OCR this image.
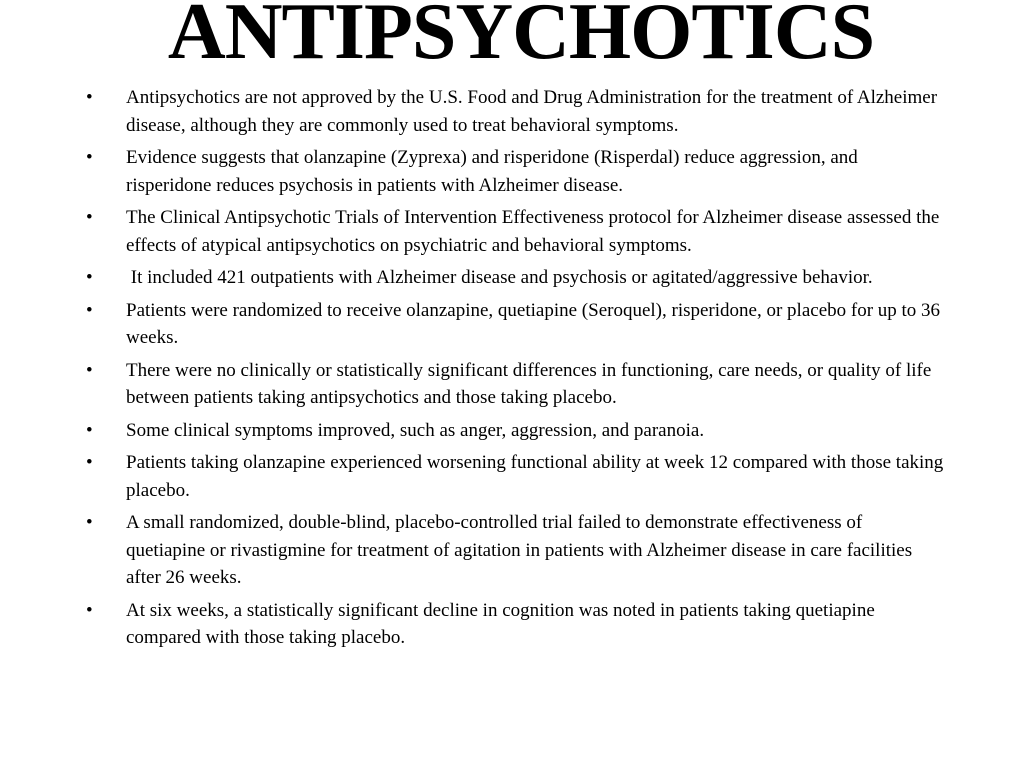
ANTIPSYCHOTICS
•	Antipsychotics are not approved by the U.S. Food and Drug Administration for the treatment of Alzheimer disease, although they are commonly used to treat behavioral symptoms.
•	Evidence suggests that olanzapine (Zyprexa) and risperidone (Risperdal) reduce aggression, and risperidone reduces psychosis in patients with Alzheimer disease.
•	The Clinical Antipsychotic Trials of Intervention Effectiveness protocol for Alzheimer disease assessed the effects of atypical antipsychotics on psychiatric and behavioral symptoms.
•	It included 421 outpatients with Alzheimer disease and psychosis or agitated/aggressive behavior.
•	Patients were randomized to receive olanzapine, quetiapine (Seroquel), risperidone, or placebo for up to 36 weeks.
•	There were no clinically or statistically significant differences in functioning, care needs, or quality of life between patients taking antipsychotics and those taking placebo.
•	Some clinical symptoms improved, such as anger, aggression, and paranoia.
•	Patients taking olanzapine experienced worsening functional ability at week 12 compared with those taking placebo.
•	A small randomized, double-blind, placebo-controlled trial failed to demonstrate effectiveness of quetiapine or rivastigmine for treatment of agitation in patients with Alzheimer disease in care facilities after 26 weeks.
•	At six weeks, a statistically significant decline in cognition was noted in patients taking quetiapine compared with those taking placebo.
